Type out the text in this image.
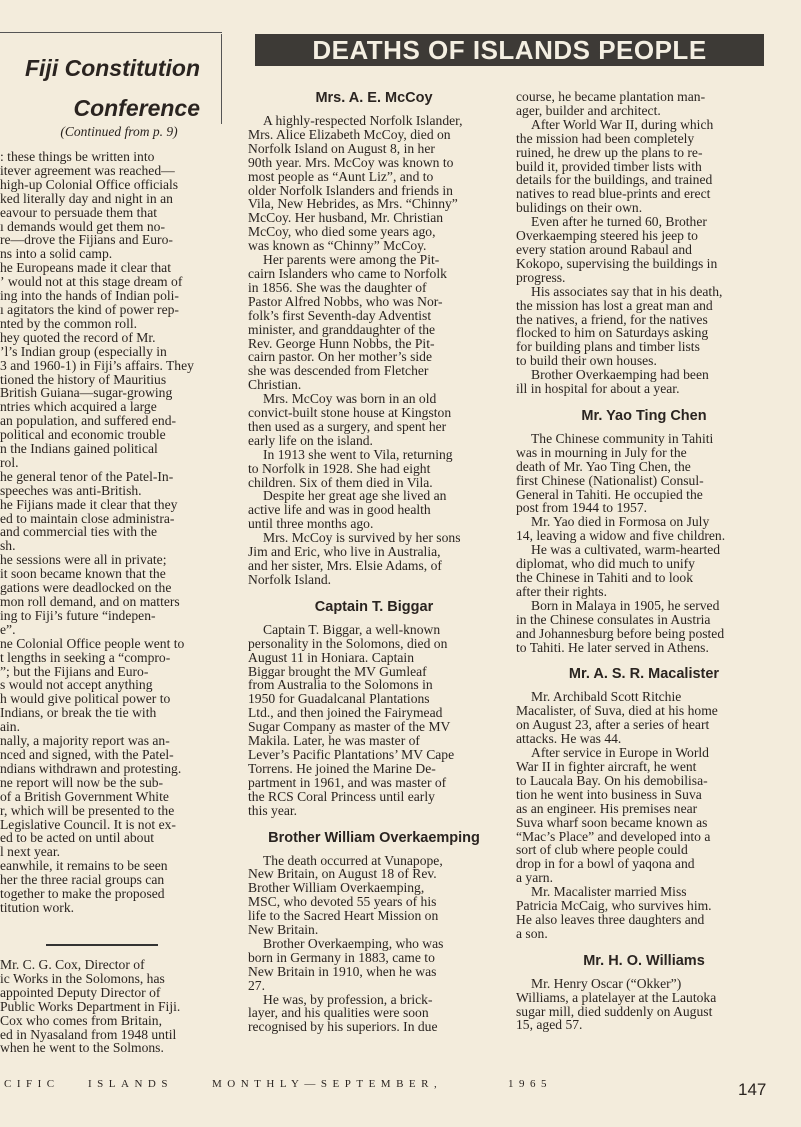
Fiji Constitution
Conference
(Continued from p. 9)

: these things be written into
itever agreement was reached—
high-up Colonial Office officials
ked literally day and night in an
eavour to persuade them that
ı demands would get them no-
re—drove the Fijians and Euro-
ns into a solid camp.

he Europeans made it clear that
ʼ would not at this stage dream of
ing into the hands of Indian poli-
ı agitators the kind of power rep-
nted by the common roll.

hey quoted the record of Mr.
’l’s Indian group (especially in
3 and 1960-1) in Fiji’s affairs. They
tioned the history of Mauritius
British Guiana—sugar-growing
ntries which acquired a large
an population, and suffered end-
political and economic trouble
n the Indians gained political
rol.

he general tenor of the Patel-In-
speeches was anti-British.

he Fijians made it clear that they
ed to maintain close administra-
and commercial ties with the
sh.

he sessions were all in private;
it soon became known that the
gations were deadlocked on the
mon roll demand, and on matters
ing to Fiji’s future “indepen-
e”.

ne Colonial Office people went to
t lengths in seeking a “compro-
”; but the Fijians and Euro-
s would not accept anything
h would give political power to
Indians, or break the tie with
ain.

nally, a majority report was an-
nced and signed, with the Patel-
ndians withdrawn and protesting.
ne report will now be the sub-
of a British Government White
r, which will be presented to the
Legislative Council. It is not ex-
ed to be acted on until about
l next year.

eanwhile, it remains to be seen
her the three racial groups can
together to make the proposed
titution work.

Mr. C. G. Cox, Director of
ic Works in the Solomons, has
appointed Deputy Director of
Public Works Department in Fiji.
Cox who comes from Britain,
ed in Nyasaland from 1948 until
when he went to the Solmons.

DEATHS OF ISLANDS PEOPLE

Mrs. A. E. McCoy

A highly-respected Norfolk Islander,
Mrs. Alice Elizabeth McCoy, died on
Norfolk Island on August 8, in her
90th year. Mrs. McCoy was known to
most people as “Aunt Liz”, and to
older Norfolk Islanders and friends in
Vila, New Hebrides, as Mrs. “Chinny”
McCoy. Her husband, Mr. Christian
McCoy, who died some years ago,
was known as “Chinny” McCoy.

Her parents were among the Pit-
cairn Islanders who came to Norfolk
in 1856. She was the daughter of
Pastor Alfred Nobbs, who was Nor-
folk’s first Seventh-day Adventist
minister, and granddaughter of the
Rev. George Hunn Nobbs, the Pit-
cairn pastor. On her mother’s side
she was descended from Fletcher
Christian.

Mrs. McCoy was born in an old
convict-built stone house at Kingston
then used as a surgery, and spent her
early life on the island.

In 1913 she went to Vila, returning
to Norfolk in 1928. She had eight
children. Six of them died in Vila.

Despite her great age she lived an
active life and was in good health
until three months ago.

Mrs. McCoy is survived by her sons
Jim and Eric, who live in Australia,
and her sister, Mrs. Elsie Adams, of
Norfolk Island.

Captain T. Biggar

Captain T. Biggar, a well-known
personality in the Solomons, died on
August 11 in Honiara. Captain
Biggar brought the MV Gumleaf
from Australia to the Solomons in
1950 for Guadalcanal Plantations
Ltd., and then joined the Fairymead
Sugar Company as master of the MV
Makila. Later, he was master of
Lever’s Pacific Plantations’ MV Cape
Torrens. He joined the Marine De-
partment in 1961, and was master of
the RCS Coral Princess until early
this year.

Brother William Overkaemping

The death occurred at Vunapope,
New Britain, on August 18 of Rev.
Brother William Overkaemping,
MSC, who devoted 55 years of his
life to the Sacred Heart Mission on
New Britain.

Brother Overkaemping, who was
born in Germany in 1883, came to
New Britain in 1910, when he was
27.

He was, by profession, a brick-
layer, and his qualities were soon
recognised by his superiors. In due

course, he became plantation man-
ager, builder and architect.

After World War II, during which
the mission had been completely
ruined, he drew up the plans to re-
build it, provided timber lists with
details for the buildings, and trained
natives to read blue-prints and erect
bulidings on their own.

Even after he turned 60, Brother
Overkaemping steered his jeep to
every station around Rabaul and
Kokopo, supervising the buildings in
progress.

His associates say that in his death,
the mission has lost a great man and
the natives, a friend, for the natives
flocked to him on Saturdays asking
for building plans and timber lists
to build their own houses.

Brother Overkaemping had been
ill in hospital for about a year.

Mr. Yao Ting Chen

The Chinese community in Tahiti
was in mourning in July for the
death of Mr. Yao Ting Chen, the
first Chinese (Nationalist) Consul-
General in Tahiti. He occupied the
post from 1944 to 1957.

Mr. Yao died in Formosa on July
14, leaving a widow and five children.

He was a cultivated, warm-hearted
diplomat, who did much to unify
the Chinese in Tahiti and to look
after their rights.

Born in Malaya in 1905, he served
in the Chinese consulates in Austria
and Johannesburg before being posted
to Tahiti. He later served in Athens.

Mr. A. S. R. Macalister

Mr. Archibald Scott Ritchie
Macalister, of Suva, died at his home
on August 23, after a series of heart
attacks. He was 44.

After service in Europe in World
War II in fighter aircraft, he went
to Laucala Bay. On his demobilisa-
tion he went into business in Suva
as an engineer. His premises near
Suva wharf soon became known as
“Mac’s Place” and developed into a
sort of club where people could
drop in for a bowl of yaqona and
a yarn.

Mr. Macalister married Miss
Patricia McCaig, who survives him.
He also leaves three daughters and
a son.

Mr. H. O. Williams

Mr. Henry Oscar (“Okker”)
Williams, a platelayer at the Lautoka
sugar mill, died suddenly on August
15, aged 57.

CIFIC	ISLANDS	MONTHLY—SEPTEMBER,	1965	147
